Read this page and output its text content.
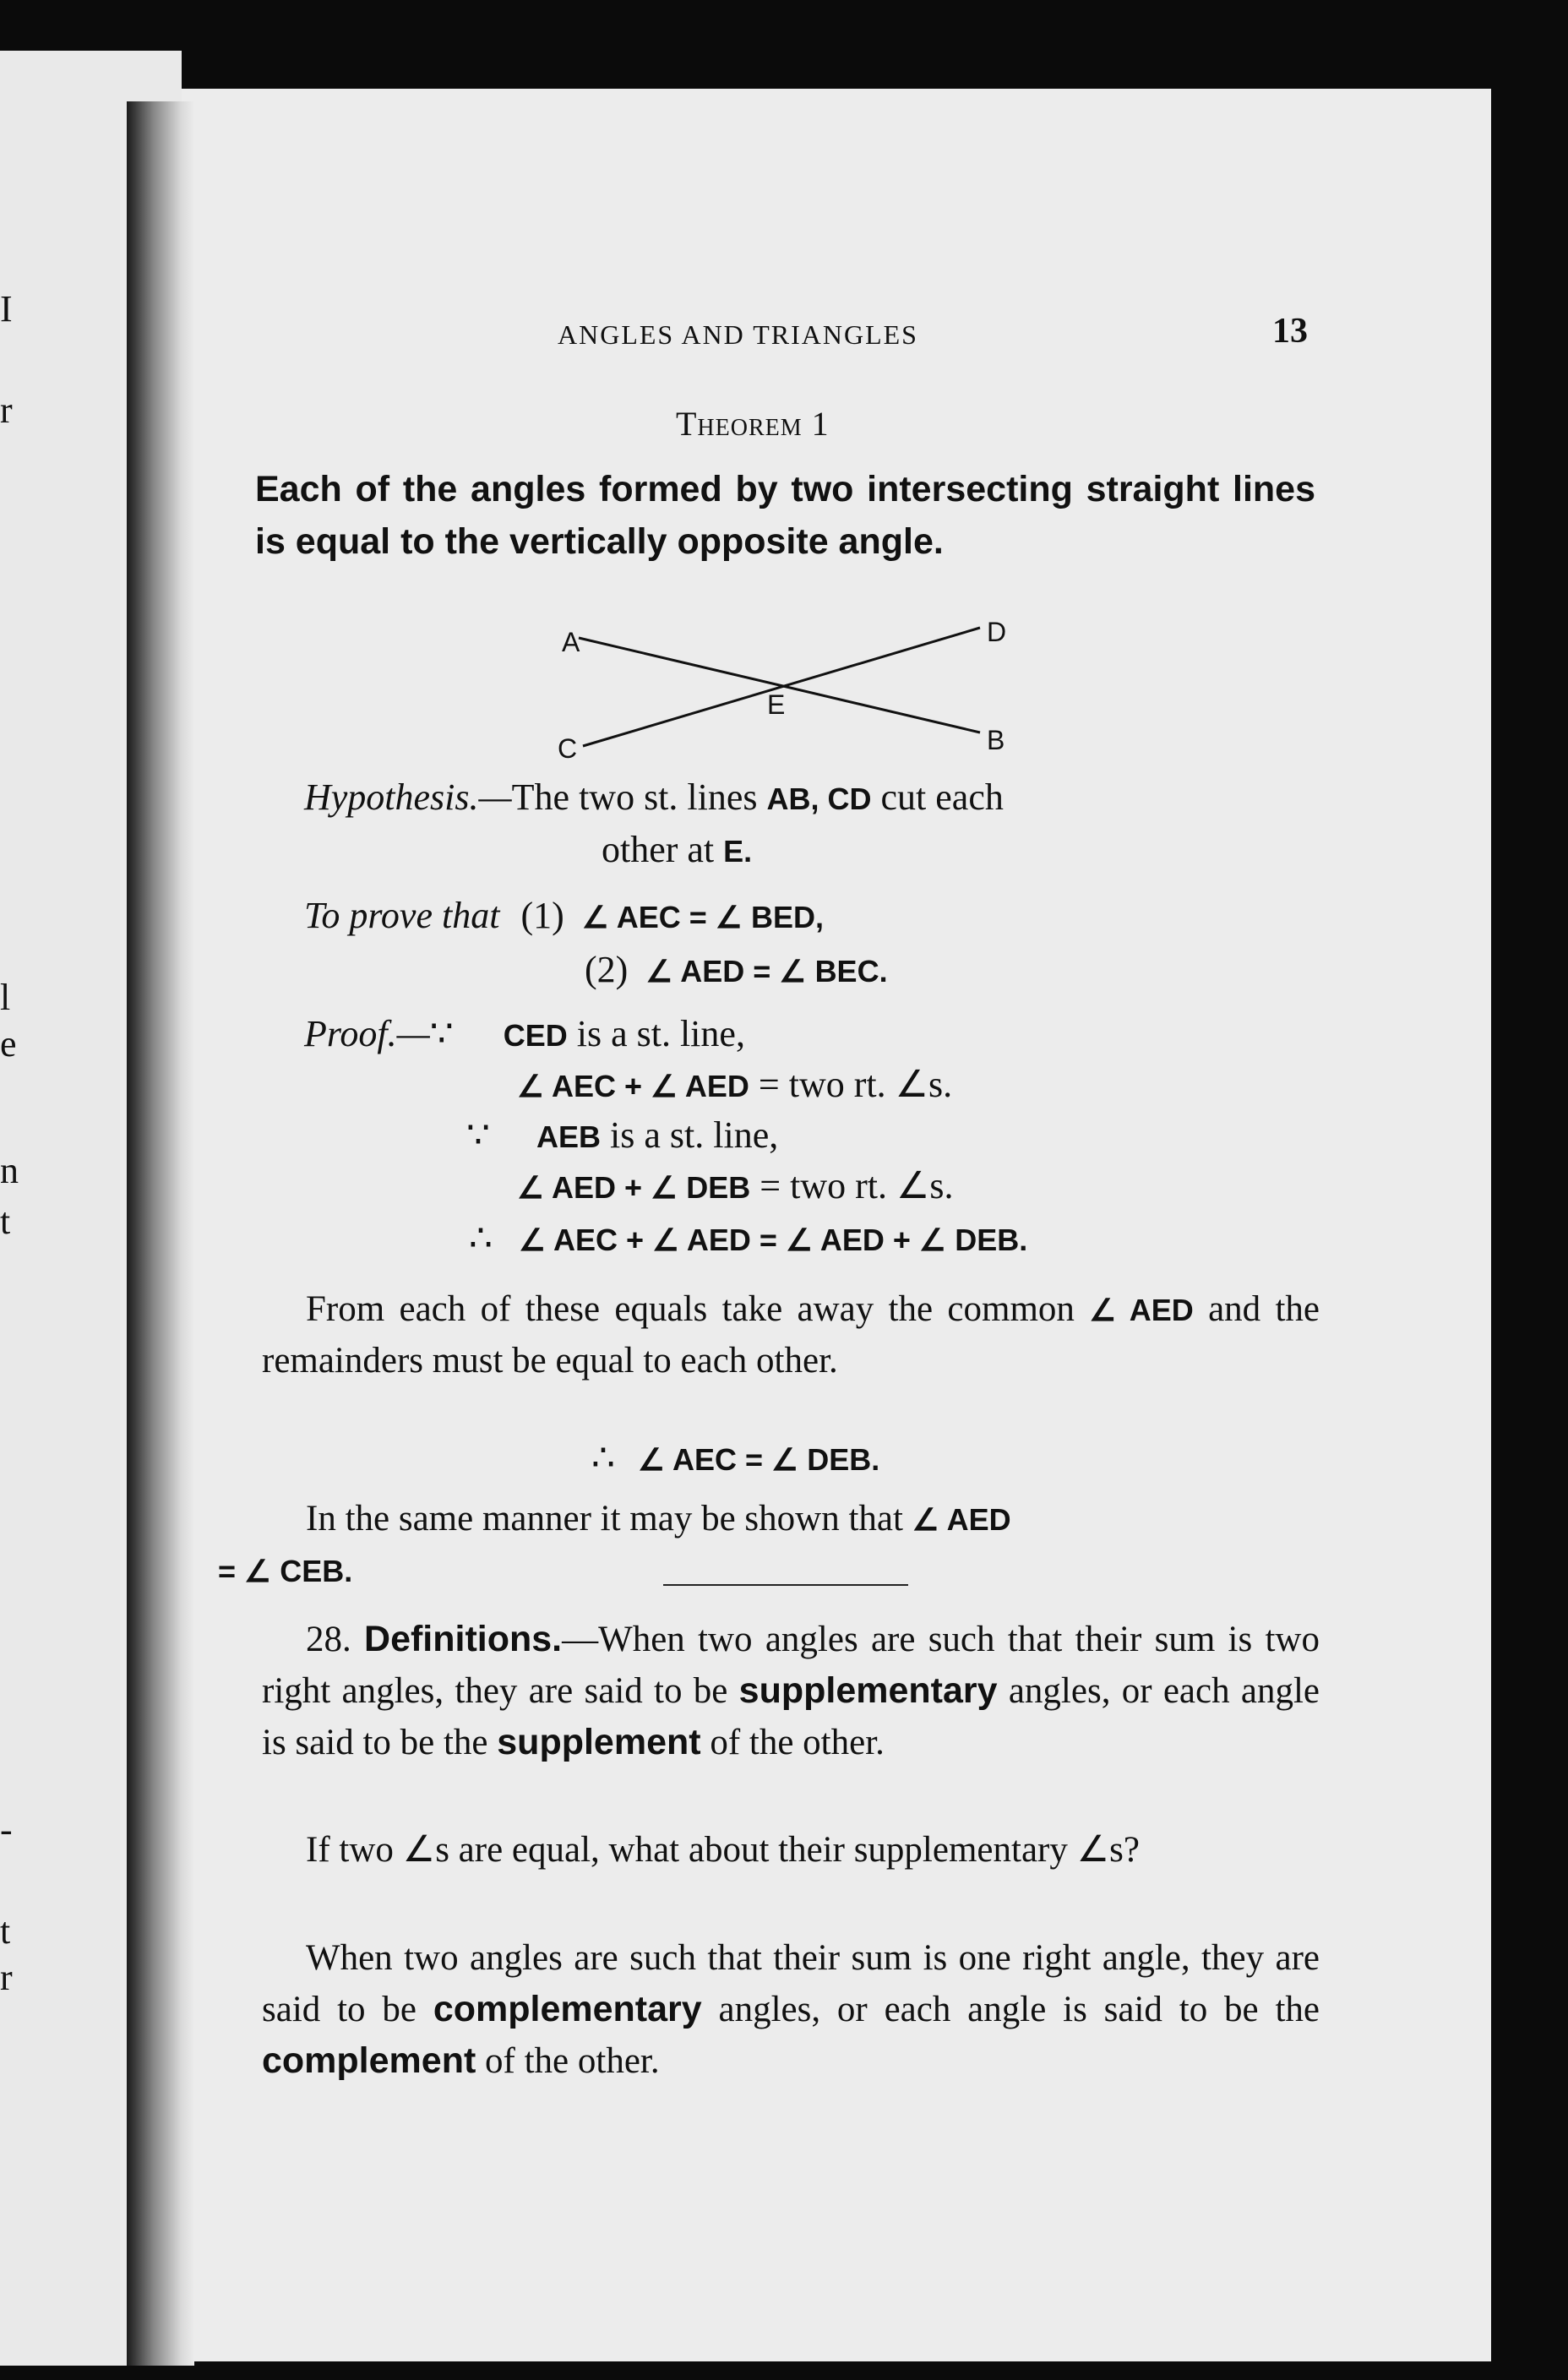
I
r
l
e
n
t
-
t
r
ANGLES AND TRIANGLES	13
Theorem 1
Each of the angles formed by two intersecting straight lines is equal to the vertically opposite angle.
A	D
E
C	B
Hypothesis.—The two st. lines AB, CD cut each
other at E.
To prove that (1) ∠ AEC = ∠ BED,
(2) ∠ AED = ∠ BEC.
Proof.—∵ CED is a st. line,
∠ AEC + ∠ AED = two rt. ∠s.
∵ AEB is a st. line,
∠ AED + ∠ DEB = two rt. ∠s.
∴ ∠ AEC + ∠ AED = ∠ AED + ∠ DEB.
From each of these equals take away the common ∠ AED and the remainders must be equal to each other.
∴ ∠ AEC = ∠ DEB.
In the same manner it may be shown that ∠ AED
= ∠ CEB.
28. Definitions.—When two angles are such that their sum is two right angles, they are said to be supplementary angles, or each angle is said to be the supplement of the other.
If two ∠s are equal, what about their supplementary ∠s?
When two angles are such that their sum is one right angle, they are said to be complementary angles, or each angle is said to be the complement of the other.
